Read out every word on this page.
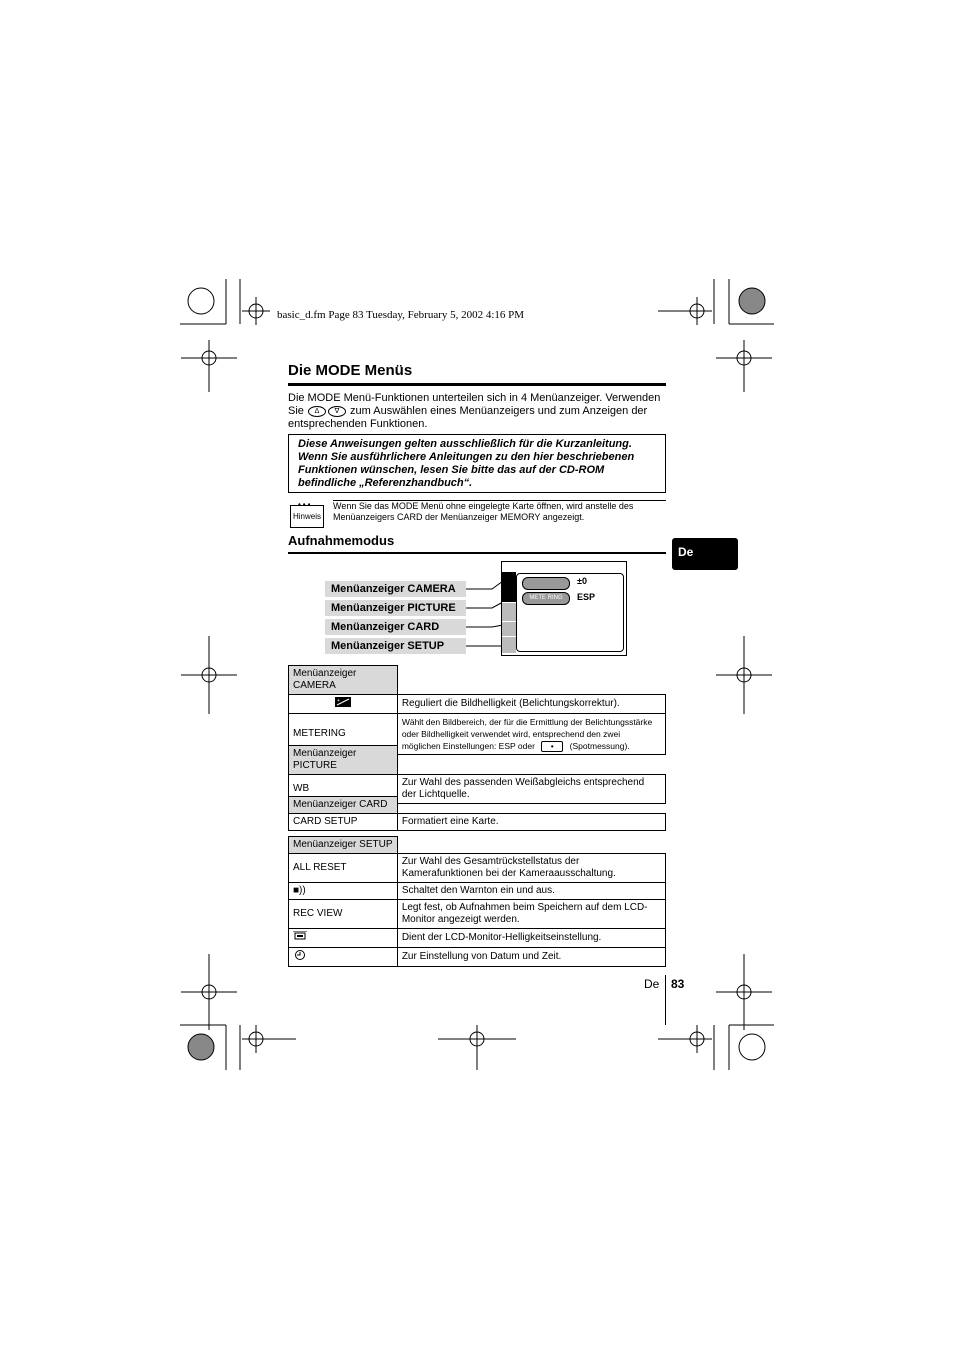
basic_d.fm Page 83 Tuesday, February 5, 2002 4:16 PM
Die MODE Menüs
Die MODE Menü-Funktionen unterteilen sich in 4 Menüanzeiger. Verwenden Sie Δ ∇ zum Auswählen eines Menüanzeigers und zum Anzeigen der entsprechenden Funktionen.
Diese Anweisungen gelten ausschließlich für die Kurzanleitung. Wenn Sie ausführlichere Anleitungen zu den hier beschriebenen Funktionen wünschen, lesen Sie bitte das auf der CD-ROM befindliche „Referenzhandbuch“.
•••
Hinweis
Wenn Sie das MODE Menü ohne eingelegte Karte öffnen, wird anstelle des Menüanzeigers CARD der Menüanzeiger MEMORY angezeigt.
Aufnahmemodus
De
Menüanzeiger CAMERA
Menüanzeiger PICTURE
Menüanzeiger CARD
Menüanzeiger SETUP
±0
METE RING	ESP
Menüanzeiger CAMERA	

+	Reguliert die Bildhelligkeit (Belichtungskorrektur).
METERING	Wählt den Bildbereich, der für die Ermittlung der Belichtungsstärke oder Bildhelligkeit verwendet wird, entsprechend den zwei möglichen Einstellungen: ESP oder • (Spotmessung).
Menüanzeiger PICTURE	
WB	Zur Wahl des passenden Weißabgleichs entsprechend der Lichtquelle.
Menüanzeiger CARD	
CARD SETUP	Formatiert eine Karte.
Menüanzeiger SETUP	
ALL RESET	Zur Wahl des Gesamtrückstellstatus der Kamerafunktionen bei der Kameraausschaltung.
■))	Schaltet den Warnton ein und aus.
REC VIEW	Legt fest, ob Aufnahmen beim Speichern auf dem LCD-Monitor angezeigt werden.
	Dient der LCD-Monitor-Helligkeitseinstellung.
	Zur Einstellung von Datum und Zeit.
De 83
